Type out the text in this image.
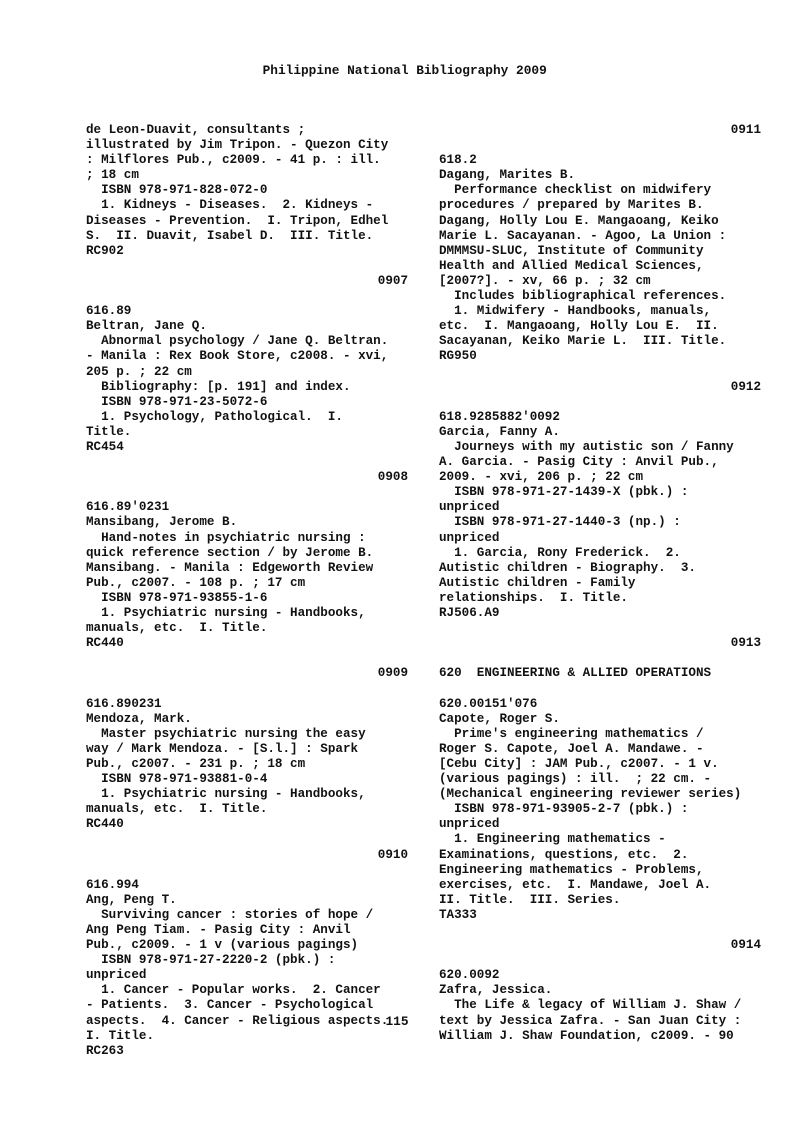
Philippine National Bibliography 2009

de Leon-Duavit, consultants ;
illustrated by Jim Tripon. - Quezon City
: Milflores Pub., c2009. - 41 p. : ill.
; 18 cm
ISBN 978-971-828-072-0
1. Kidneys - Diseases.  2. Kidneys -
Diseases - Prevention.  I. Tripon, Edhel
S.  II. Duavit, Isabel D.  III. Title.
RC902
0907
616.89
Beltran, Jane Q.
Abnormal psychology / Jane Q. Beltran.
- Manila : Rex Book Store, c2008. - xvi,
205 p. ; 22 cm
Bibliography: [p. 191] and index.
ISBN 978-971-23-5072-6
1. Psychology, Pathological.  I.
Title.
RC454
0908
616.89'0231
Mansibang, Jerome B.
Hand-notes in psychiatric nursing :
quick reference section / by Jerome B.
Mansibang. - Manila : Edgeworth Review
Pub., c2007. - 108 p. ; 17 cm
ISBN 978-971-93855-1-6
1. Psychiatric nursing - Handbooks,
manuals, etc.  I. Title.
RC440
0909
616.890231
Mendoza, Mark.
Master psychiatric nursing the easy
way / Mark Mendoza. - [S.l.] : Spark
Pub., c2007. - 231 p. ; 18 cm
ISBN 978-971-93881-0-4
1. Psychiatric nursing - Handbooks,
manuals, etc.  I. Title.
RC440
0910
616.994
Ang, Peng T.
Surviving cancer : stories of hope /
Ang Peng Tiam. - Pasig City : Anvil
Pub., c2009. - 1 v (various pagings)
ISBN 978-971-27-2220-2 (pbk.) :
unpriced
1. Cancer - Popular works.  2. Cancer
- Patients.  3. Cancer - Psychological
aspects.  4. Cancer - Religious aspects.
I. Title.
RC263
0911
618.2
Dagang, Marites B.
Performance checklist on midwifery
procedures / prepared by Marites B.
Dagang, Holly Lou E. Mangaoang, Keiko
Marie L. Sacayanan. - Agoo, La Union :
DMMMSU-SLUC, Institute of Community
Health and Allied Medical Sciences,
[2007?]. - xv, 66 p. ; 32 cm
Includes bibliographical references.
1. Midwifery - Handbooks, manuals,
etc.  I. Mangaoang, Holly Lou E.  II.
Sacayanan, Keiko Marie L.  III. Title.
RG950
0912
618.9285882'0092
Garcia, Fanny A.
Journeys with my autistic son / Fanny
A. Garcia. - Pasig City : Anvil Pub.,
2009. - xvi, 206 p. ; 22 cm
ISBN 978-971-27-1439-X (pbk.) :
unpriced
ISBN 978-971-27-1440-3 (np.) :
unpriced
1. Garcia, Rony Frederick.  2.
Autistic children - Biography.  3.
Autistic children - Family
relationships.  I. Title.
RJ506.A9
0913
620  ENGINEERING & ALLIED OPERATIONS
620.00151'076
Capote, Roger S.
Prime's engineering mathematics /
Roger S. Capote, Joel A. Mandawe. -
[Cebu City] : JAM Pub., c2007. - 1 v.
(various pagings) : ill.  ; 22 cm. -
(Mechanical engineering reviewer series)
ISBN 978-971-93905-2-7 (pbk.) :
unpriced
1. Engineering mathematics -
Examinations, questions, etc.  2.
Engineering mathematics - Problems,
exercises, etc.  I. Mandawe, Joel A.
II. Title.  III. Series.
TA333
0914
620.0092
Zafra, Jessica.
The Life & legacy of William J. Shaw /
text by Jessica Zafra. - San Juan City :
William J. Shaw Foundation, c2009. - 90
115
